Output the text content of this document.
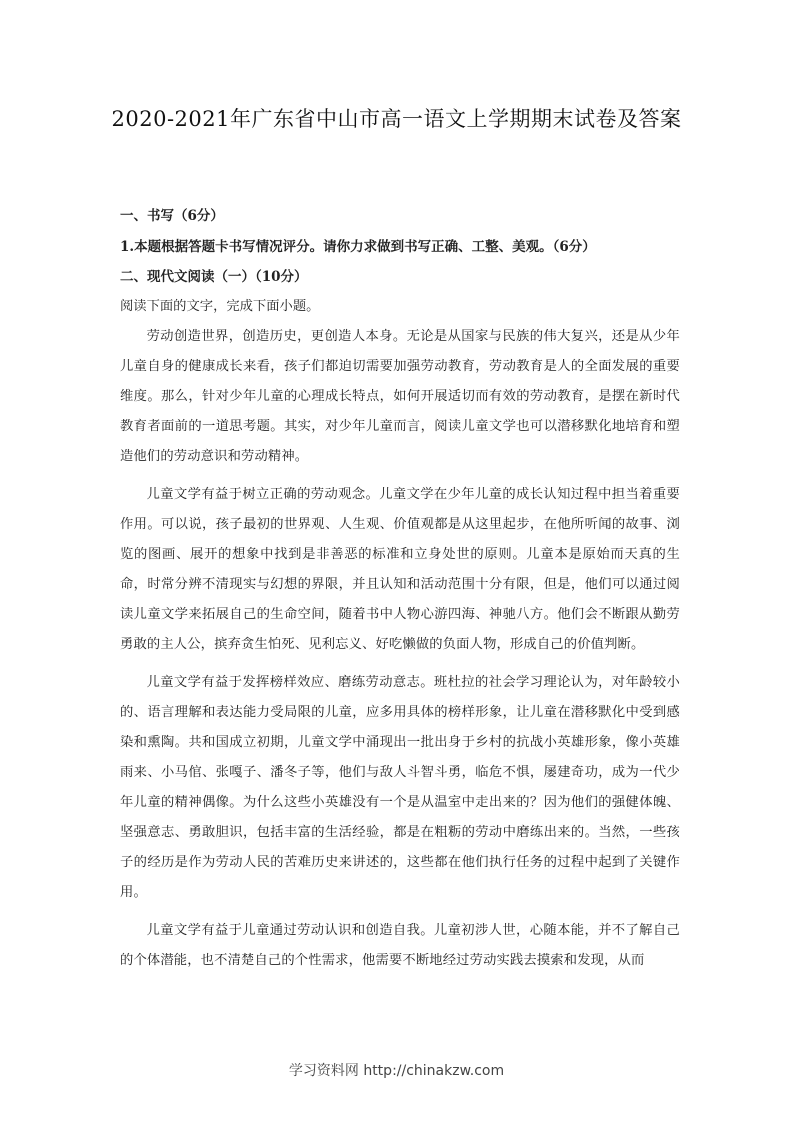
2020-2021年广东省中山市高一语文上学期期末试卷及答案
一、书写（6分）
1.本题根据答题卡书写情况评分。请你力求做到书写正确、工整、美观。（6分）
二、现代文阅读（一）（10分）
阅读下面的文字，完成下面小题。

劳动创造世界，创造历史，更创造人本身。无论是从国家与民族的伟大复兴，还是从少年儿童自身的健康成长来看，孩子们都迫切需要加强劳动教育，劳动教育是人的全面发展的重要维度。那么，针对少年儿童的心理成长特点，如何开展适切而有效的劳动教育，是摆在新时代教育者面前的一道思考题。其实，对少年儿童而言，阅读儿童文学也可以潜移默化地培育和塑造他们的劳动意识和劳动精神。

儿童文学有益于树立正确的劳动观念。儿童文学在少年儿童的成长认知过程中担当着重要作用。可以说，孩子最初的世界观、人生观、价值观都是从这里起步，在他所听闻的故事、浏览的图画、展开的想象中找到是非善恶的标准和立身处世的原则。儿童本是原始而天真的生命，时常分辨不清现实与幻想的界限，并且认知和活动范围十分有限，但是，他们可以通过阅读儿童文学来拓展自己的生命空间，随着书中人物心游四海、神驰八方。他们会不断跟从勤劳勇敢的主人公，摈弃贪生怕死、见利忘义、好吃懒做的负面人物，形成自己的价值判断。

儿童文学有益于发挥榜样效应、磨练劳动意志。班杜拉的社会学习理论认为，对年龄较小的、语言理解和表达能力受局限的儿童，应多用具体的榜样形象，让儿童在潜移默化中受到感染和熏陶。共和国成立初期，儿童文学中涌现出一批出身于乡村的抗战小英雄形象，像小英雄雨来、小马倌、张嘎子、潘冬子等，他们与敌人斗智斗勇，临危不惧，屡建奇功，成为一代少年儿童的精神偶像。为什么这些小英雄没有一个是从温室中走出来的？因为他们的强健体魄、坚强意志、勇敢胆识，包括丰富的生活经验，都是在粗粝的劳动中磨练出来的。当然，一些孩子的经历是作为劳动人民的苦难历史来讲述的，这些都在他们执行任务的过程中起到了关键作用。

儿童文学有益于儿童通过劳动认识和创造自我。儿童初涉人世，心随本能，并不了解自己的个体潜能，也不清楚自己的个性需求，他需要不断地经过劳动实践去摸索和发现，从而

学习资料网 http://chinakzw.com
